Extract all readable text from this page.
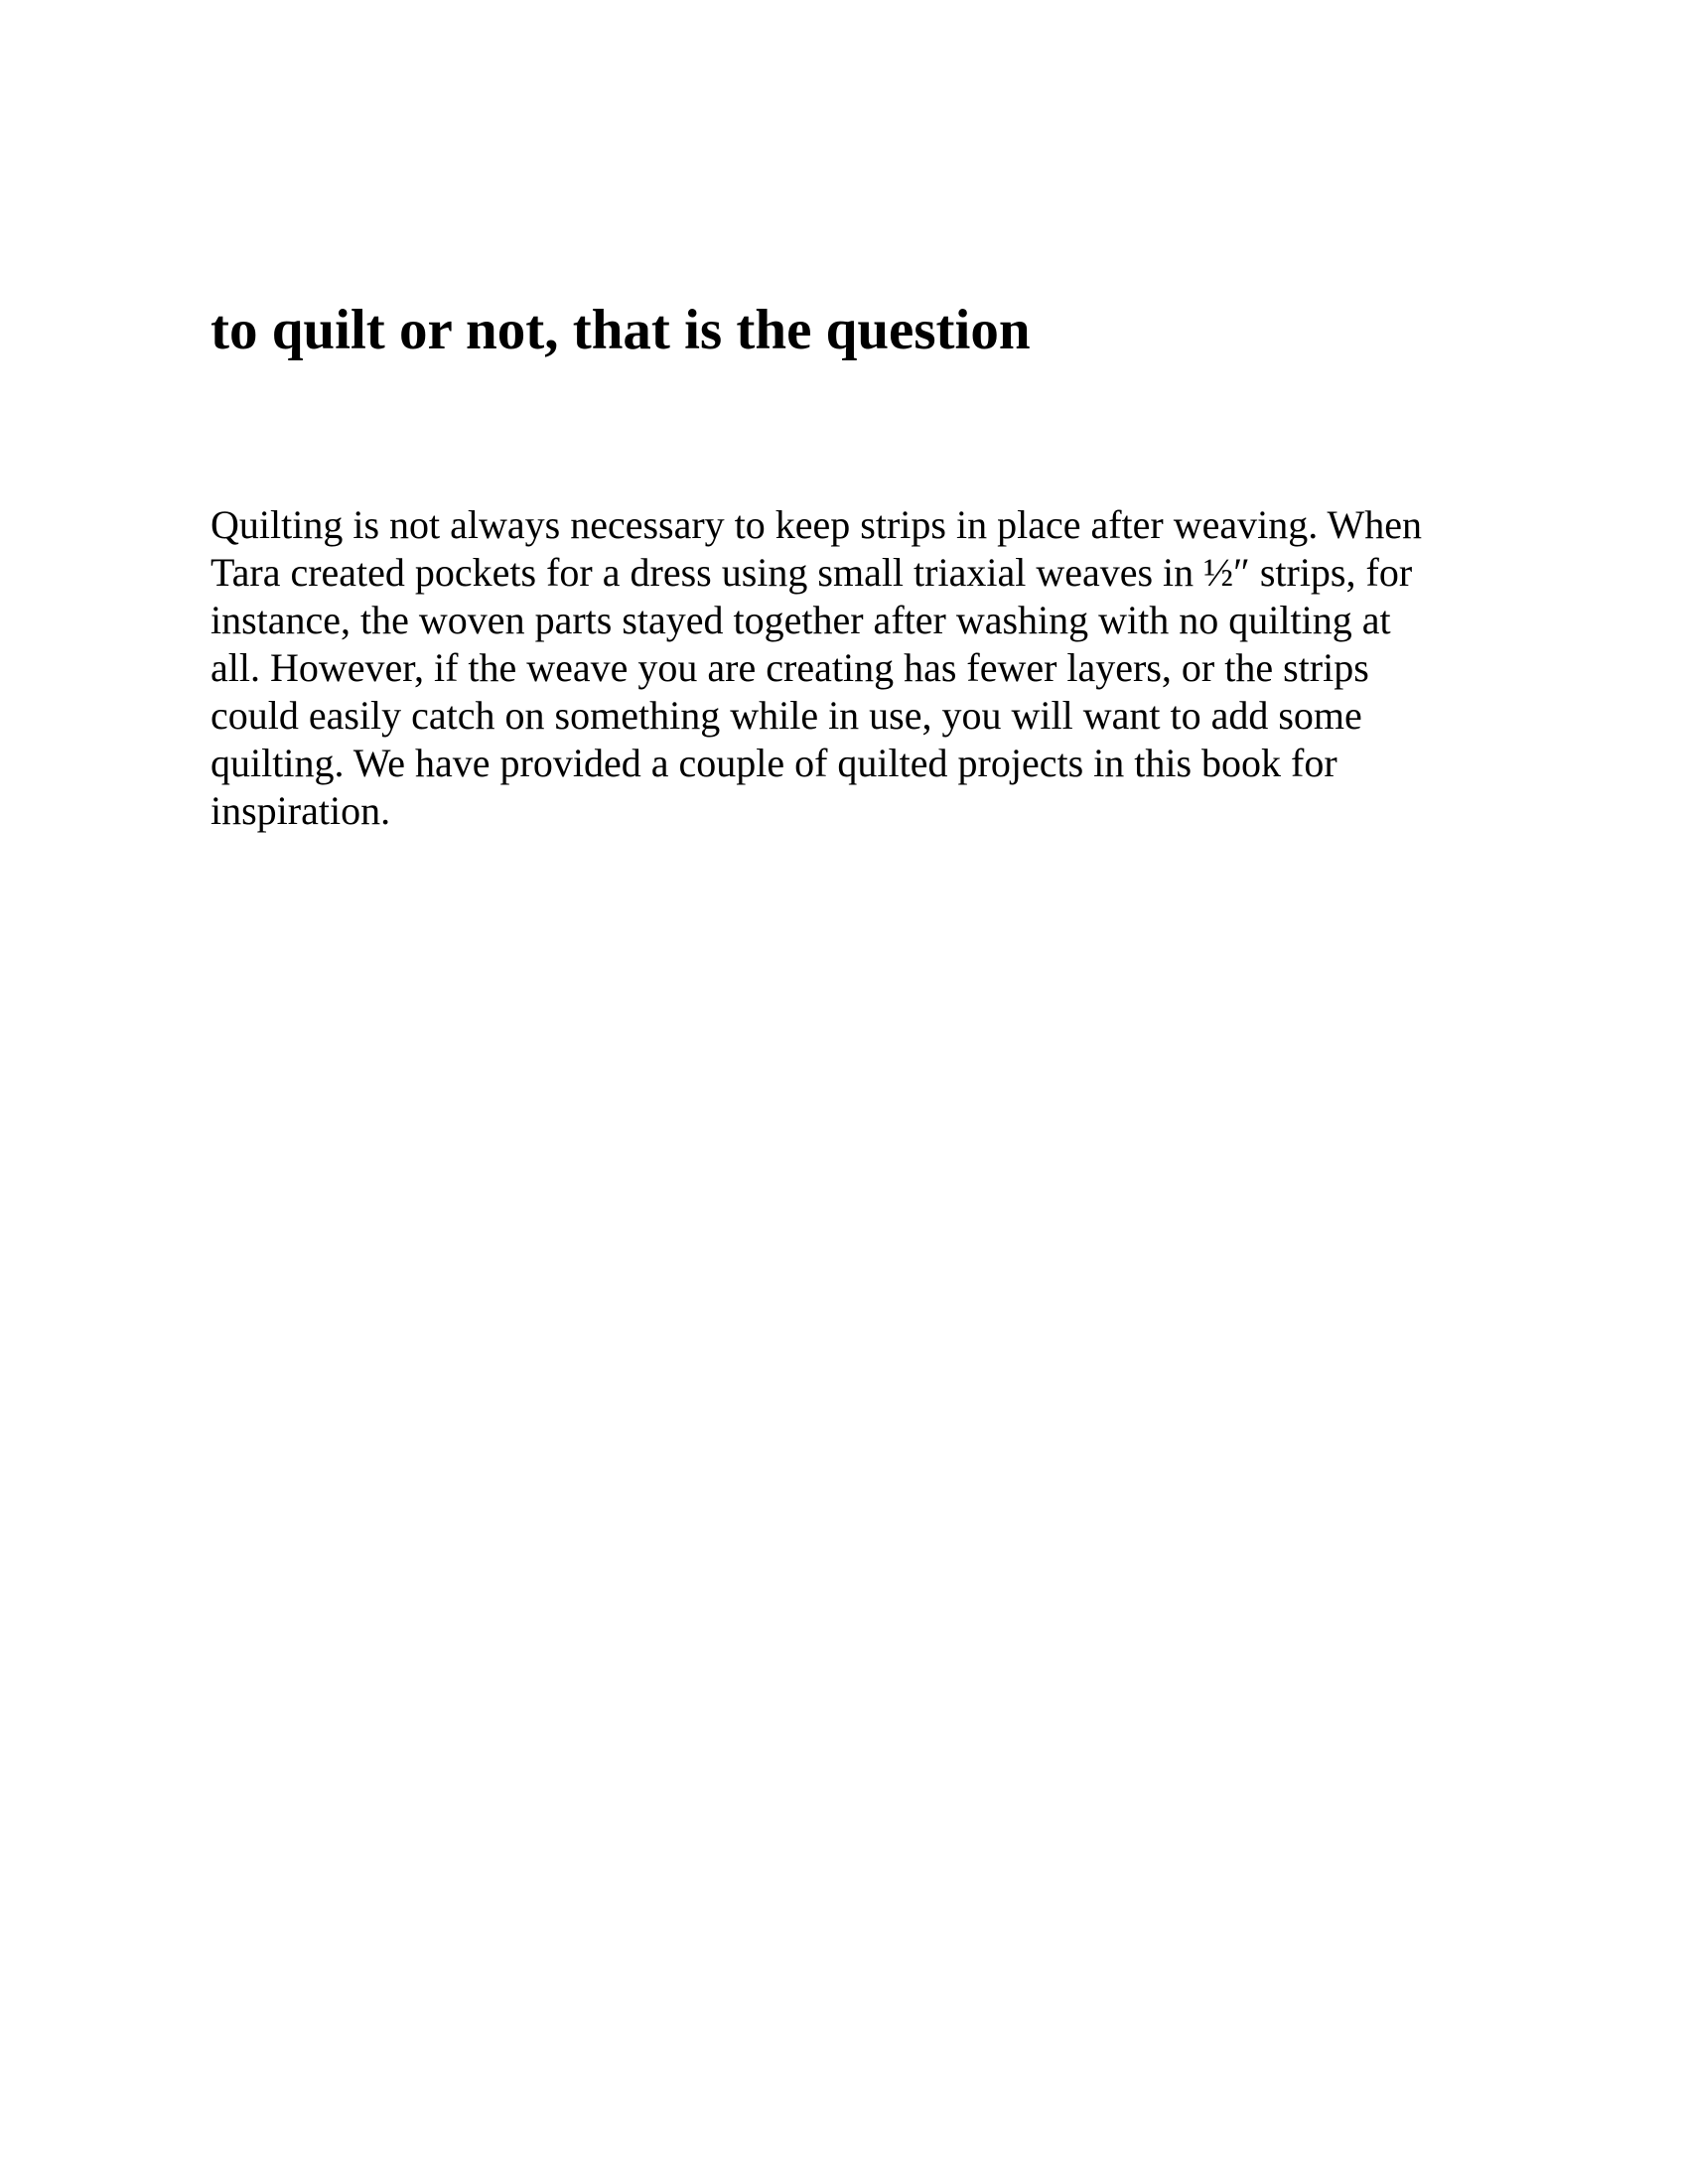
to quilt or not, that is the question

Quilting is not always necessary to keep strips in place after weaving. When
Tara created pockets for a dress using small triaxial weaves in ½″ strips, for
instance, the woven parts stayed together after washing with no quilting at
all. However, if the weave you are creating has fewer layers, or the strips
could easily catch on something while in use, you will want to add some
quilting. We have provided a couple of quilted projects in this book for
inspiration.
